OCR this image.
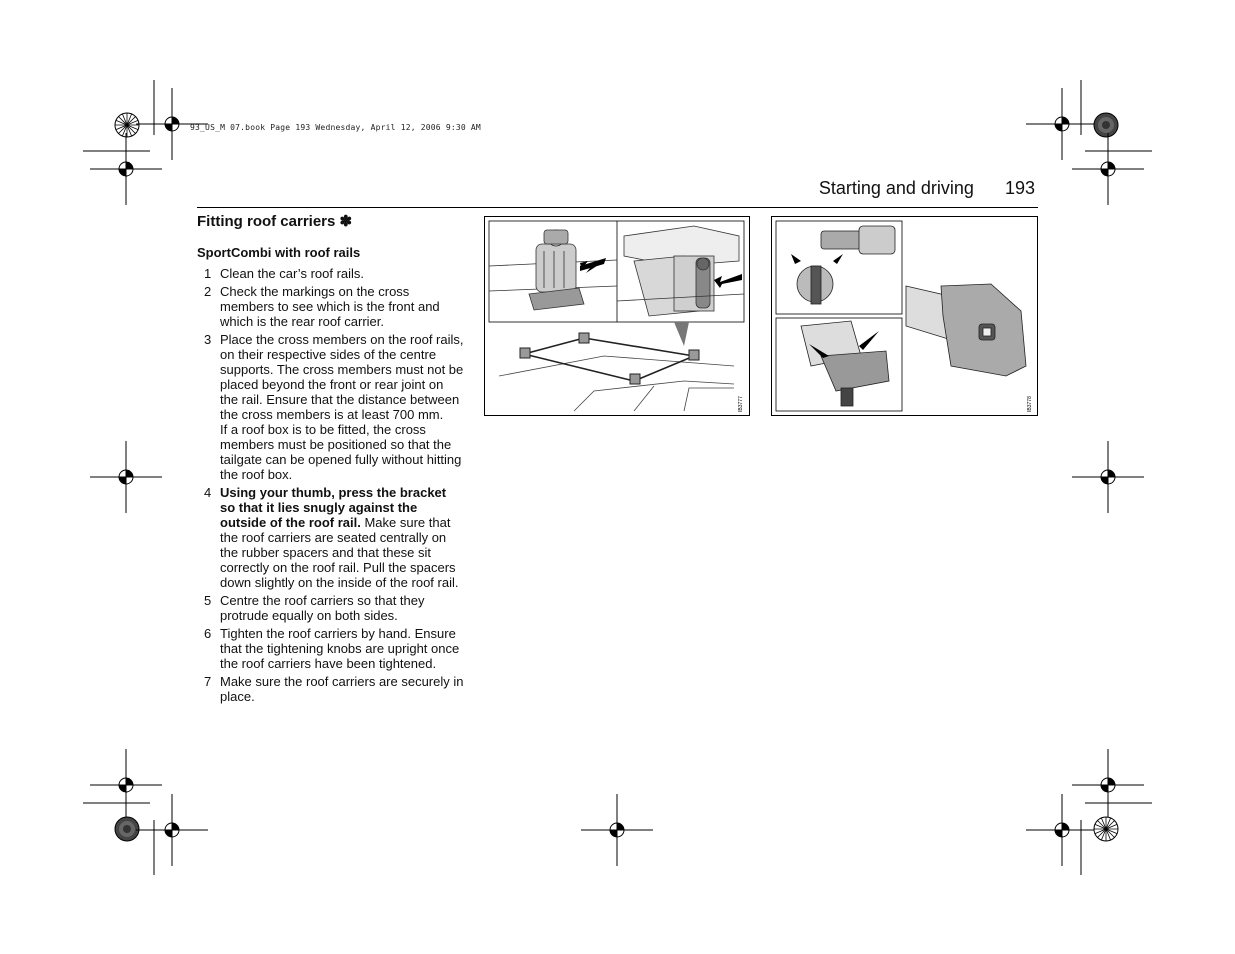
93_US_M 07.book Page 193 Wednesday, April 12, 2006 9:30 AM
Starting and driving 193
Fitting roof carriers ✽
SportCombi with roof rails
1 Clean the car’s roof rails.
2 Check the markings on the cross members to see which is the front and which is the rear roof carrier.
3 Place the cross members on the roof rails, on their respective sides of the centre supports. The cross members must not be placed beyond the front or rear joint on the rail. Ensure that the distance between the cross members is at least 700 mm.
If a roof box is to be fitted, the cross members must be positioned so that the tailgate can be opened fully without hitting the roof box.
4 Using your thumb, press the bracket so that it lies snugly against the outside of the roof rail. Make sure that the roof carriers are seated centrally on the rubber spacers and that these sit correctly on the roof rail. Pull the spacers down slightly on the inside of the roof rail.
5 Centre the roof carriers so that they protrude equally on both sides.
6 Tighten the roof carriers by hand. Ensure that the tightening knobs are upright once the roof carriers have been tightened.
7 Make sure the roof carriers are securely in place.
IB3777	IB3778
